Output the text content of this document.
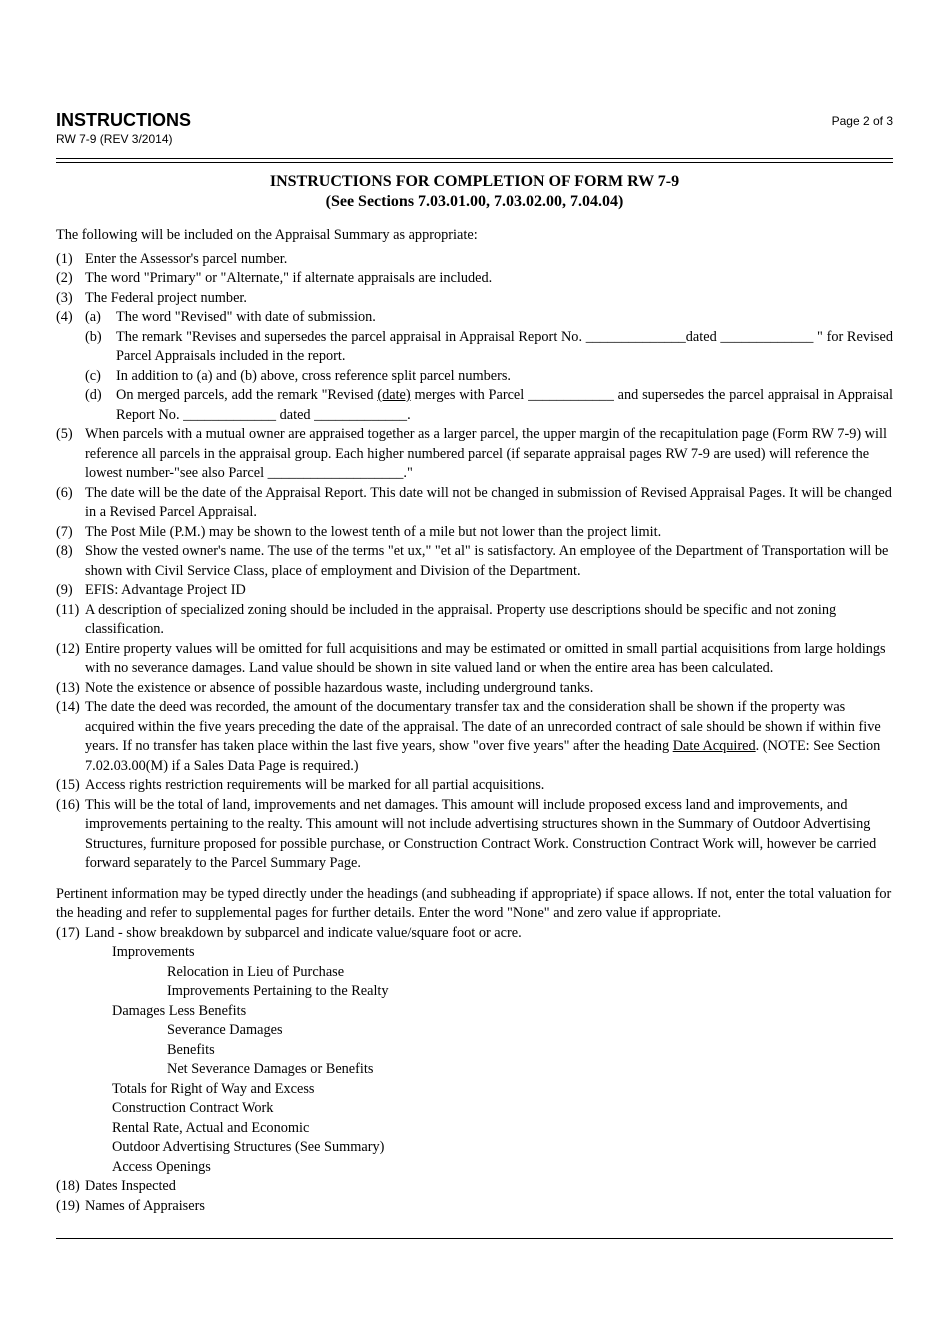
INSTRUCTIONS
RW 7-9 (REV 3/2014)
Page 2 of 3
INSTRUCTIONS FOR COMPLETION OF FORM RW 7-9
(See Sections 7.03.01.00, 7.03.02.00, 7.04.04)

The following will be included on the Appraisal Summary as appropriate:

(1) Enter the Assessor's parcel number.
(2) The word "Primary" or "Alternate," if alternate appraisals are included.
(3) The Federal project number.
(4) (a)	The word "Revised" with date of submission.
(b)	The remark "Revises and supersedes the parcel appraisal in Appraisal Report No. ______________dated _____________ " for Revised Parcel Appraisals included in the report.
(c)	In addition to (a) and (b) above, cross reference split parcel numbers.
(d)	On merged parcels, add the remark "Revised (date) merges with Parcel ____________ and supersedes the parcel appraisal in Appraisal Report No. _____________ dated _____________.
(5) When parcels with a mutual owner are appraised together as a larger parcel, the upper margin of the recapitulation page (Form RW 7-9) will reference all parcels in the appraisal group. Each higher numbered parcel (if separate appraisal pages RW 7-9 are used) will reference the lowest number-"see also Parcel ___________________."
(6) The date will be the date of the Appraisal Report. This date will not be changed in submission of Revised Appraisal Pages. It will be changed in a Revised Parcel Appraisal.
(7) The Post Mile (P.M.) may be shown to the lowest tenth of a mile but not lower than the project limit.
(8) Show the vested owner's name. The use of the terms "et ux," "et al" is satisfactory. An employee of the Department of Transportation will be shown with Civil Service Class, place of employment and Division of the Department.
(9) EFIS: Advantage Project ID
(11) A description of specialized zoning should be included in the appraisal. Property use descriptions should be specific and not zoning classification.
(12) Entire property values will be omitted for full acquisitions and may be estimated or omitted in small partial acquisitions from large holdings with no severance damages. Land value should be shown in site valued land or when the entire area has been calculated.
(13) Note the existence or absence of possible hazardous waste, including underground tanks.
(14) The date the deed was recorded, the amount of the documentary transfer tax and the consideration shall be shown if the property was acquired within the five years preceding the date of the appraisal. The date of an unrecorded contract of sale should be shown if within five years. If no transfer has taken place within the last five years, show "over five years" after the heading Date Acquired. (NOTE: See Section 7.02.03.00(M) if a Sales Data Page is required.)
(15) Access rights restriction requirements will be marked for all partial acquisitions.
(16) This will be the total of land, improvements and net damages. This amount will include proposed excess land and improvements, and improvements pertaining to the realty. This amount will not include advertising structures shown in the Summary of Outdoor Advertising Structures, furniture proposed for possible purchase, or Construction Contract Work. Construction Contract Work will, however be carried forward separately to the Parcel Summary Page.

Pertinent information may be typed directly under the headings (and subheading if appropriate) if space allows. If not, enter the total valuation for the heading and refer to supplemental pages for further details. Enter the word "None" and zero value if appropriate.

(17) Land - show breakdown by subparcel and indicate value/square foot or acre.
Improvements
Relocation in Lieu of Purchase
Improvements Pertaining to the Realty
Damages Less Benefits
Severance Damages
Benefits
Net Severance Damages or Benefits
Totals for Right of Way and Excess
Construction Contract Work
Rental Rate, Actual and Economic
Outdoor Advertising Structures (See Summary)
Access Openings
(18) Dates Inspected
(19) Names of Appraisers
